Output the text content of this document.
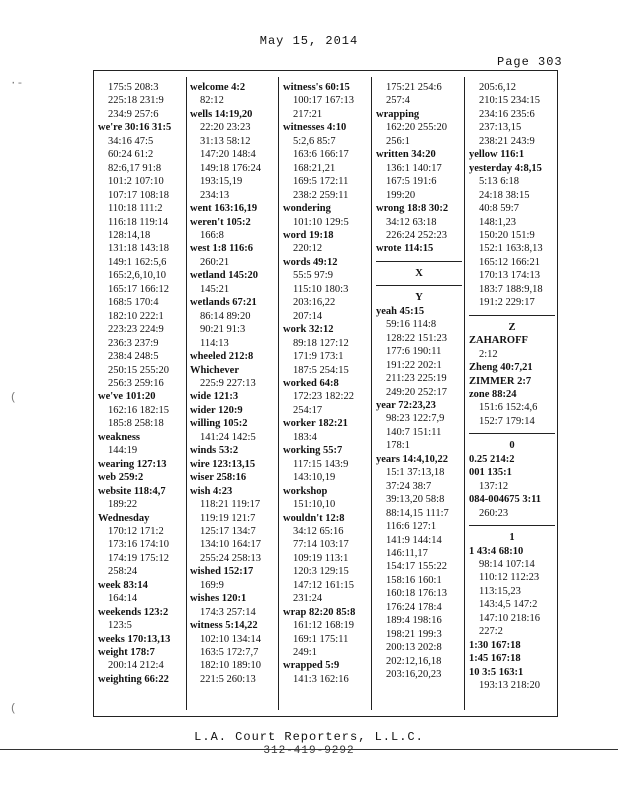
May 15, 2014
Page 303
·-
(
(
175:5 208:3
225:18 231:9
234:9 257:6
we're 30:16 31:5
34:16 47:5
60:24 61:2
82:6,17 91:8
101:2 107:10
107:17 108:18
110:18 111:2
116:18 119:14
128:14,18
131:18 143:18
149:1 162:5,6
165:2,6,10,10
165:17 166:12
168:5 170:4
182:10 222:1
223:23 224:9
236:3 237:9
238:4 248:5
250:15 255:20
256:3 259:16
we've 101:20
162:16 182:15
185:8 258:18
weakness
144:19
wearing 127:13
web 259:2
website 118:4,7
189:22
Wednesday
170:12 171:2
173:16 174:10
174:19 175:12
258:24
week 83:14
164:14
weekends 123:2
123:5
weeks 170:13,13
weight 178:7
200:14 212:4
weighting 66:22
welcome 4:2
82:12
wells 14:19,20
22:20 23:23
31:13 58:12
147:20 148:4
149:18 176:24
193:15,19
234:13
went 163:16,19
weren't 105:2
166:8
west 1:8 116:6
260:21
wetland 145:20
145:21
wetlands 67:21
86:14 89:20
90:21 91:3
114:13
wheeled 212:8
Whichever
225:9 227:13
wide 121:3
wider 120:9
willing 105:2
141:24 142:5
winds 53:2
wire 123:13,15
wiser 258:16
wish 4:23
118:21 119:17
119:19 121:7
125:17 134:7
134:10 164:17
255:24 258:13
wished 152:17
169:9
wishes 120:1
174:3 257:14
witness 5:14,22
102:10 134:14
163:5 172:7,7
182:10 189:10
221:5 260:13
witness's 60:15
100:17 167:13
217:21
witnesses 4:10
5:2,6 85:7
163:6 166:17
168:21,21
169:5 172:11
238:2 259:11
wondering
101:10 129:5
word 19:18
220:12
words 49:12
55:5 97:9
115:10 180:3
203:16,22
207:14
work 32:12
89:18 127:12
171:9 173:1
187:5 254:15
worked 64:8
172:23 182:22
254:17
worker 182:21
183:4
working 55:7
117:15 143:9
143:10,19
workshop
151:10,10
wouldn't 12:8
34:12 65:16
77:14 103:17
109:19 113:1
120:3 129:15
147:12 161:15
231:24
wrap 82:20 85:8
161:12 168:19
169:1 175:11
249:1
wrapped 5:9
141:3 162:16
175:21 254:6
257:4
wrapping
162:20 255:20
256:1
written 34:20
136:1 140:17
167:5 191:6
199:20
wrong 18:8 30:2
34:12 63:18
226:24 252:23
wrote 114:15
X
Y
yeah 45:15
59:16 114:8
128:22 151:23
177:6 190:11
191:22 202:1
211:23 225:19
249:20 252:17
year 72:23,23
98:23 122:7,9
140:7 151:11
178:1
years 14:4,10,22
15:1 37:13,18
37:24 38:7
39:13,20 58:8
88:14,15 111:7
116:6 127:1
141:9 144:14
146:11,17
154:17 155:22
158:16 160:1
160:18 176:13
176:24 178:4
189:4 198:16
198:21 199:3
200:13 202:8
202:12,16,18
203:16,20,23
205:6,12
210:15 234:15
234:16 235:6
237:13,15
238:21 243:9
yellow 116:1
yesterday 4:8,15
5:13 6:18
24:18 38:15
40:8 59:7
148:1,23
150:20 151:9
152:1 163:8,13
165:12 166:21
170:13 174:13
183:7 188:9,18
191:2 229:17
Z
ZAHAROFF
2:12
Zheng 40:7,21
ZIMMER 2:7
zone 88:24
151:6 152:4,6
152:7 179:14
0
0.25 214:2
001 135:1
137:12
084-004675 3:11
260:23
1
1 43:4 68:10
98:14 107:14
110:12 112:23
113:15,23
143:4,5 147:2
147:10 218:16
227:2
1:30 167:18
1:45 167:18
10 3:5 163:1
193:13 218:20
L.A. Court Reporters, L.L.C.
312-419-9292
